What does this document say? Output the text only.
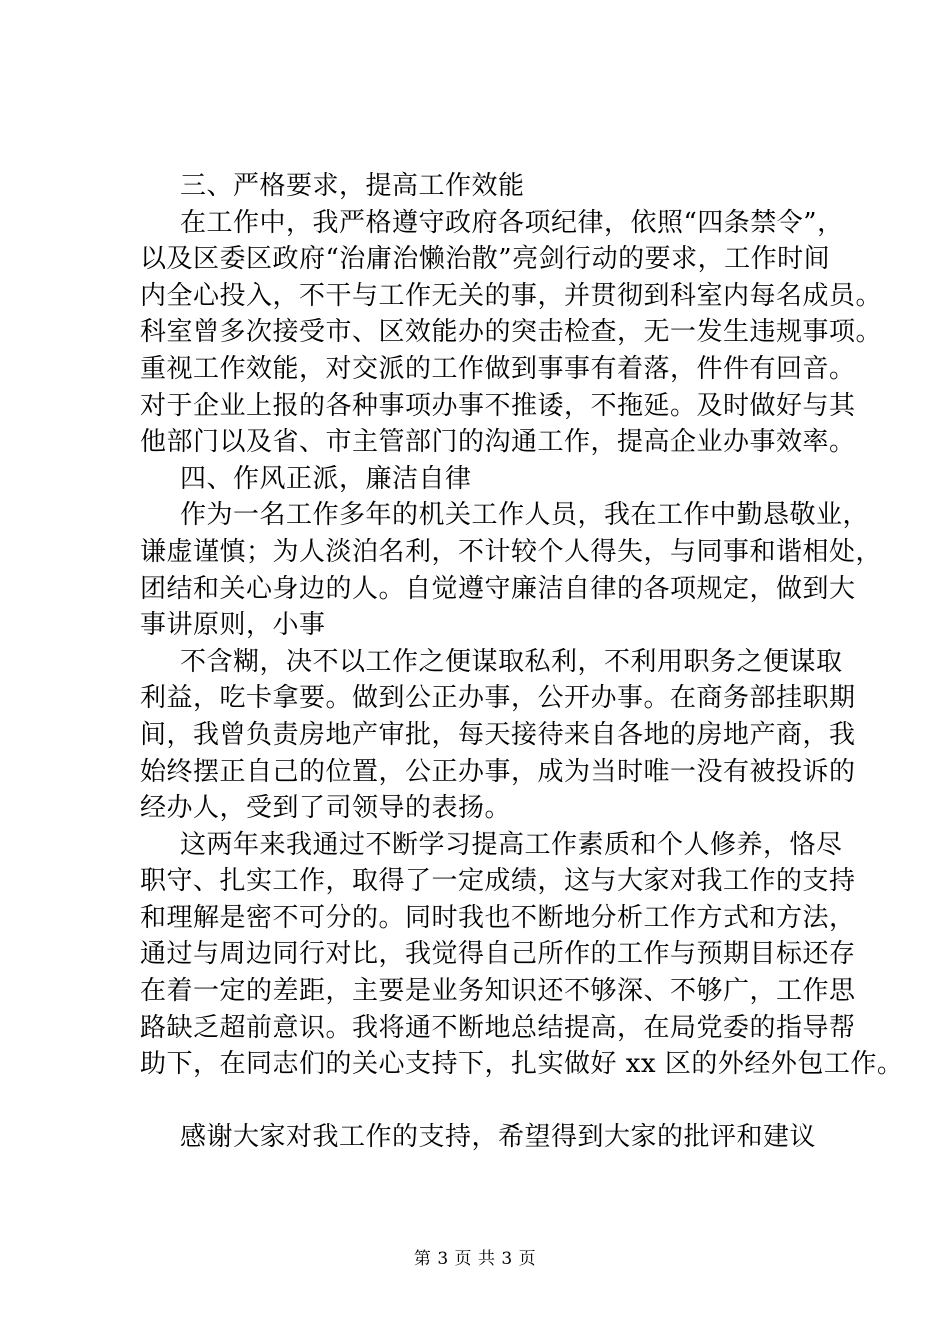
三、严格要求，提高工作效能
在工作中，我严格遵守政府各项纪律，依照“四条禁令”，
以及区委区政府“治庸治懒治散”亮剑行动的要求，工作时间
内全心投入，不干与工作无关的事，并贯彻到科室内每名成员。
科室曾多次接受市、区效能办的突击检查，无一发生违规事项。
重视工作效能，对交派的工作做到事事有着落，件件有回音。
对于企业上报的各种事项办事不推诿，不拖延。及时做好与其
他部门以及省、市主管部门的沟通工作，提高企业办事效率。
四、作风正派，廉洁自律
作为一名工作多年的机关工作人员，我在工作中勤恳敬业，
谦虚谨慎；为人淡泊名利，不计较个人得失，与同事和谐相处，
团结和关心身边的人。自觉遵守廉洁自律的各项规定，做到大
事讲原则，小事
不含糊，决不以工作之便谋取私利，不利用职务之便谋取
利益，吃卡拿要。做到公正办事，公开办事。在商务部挂职期
间，我曾负责房地产审批，每天接待来自各地的房地产商，我
始终摆正自己的位置，公正办事，成为当时唯一没有被投诉的
经办人，受到了司领导的表扬。
这两年来我通过不断学习提高工作素质和个人修养，恪尽
职守、扎实工作，取得了一定成绩，这与大家对我工作的支持
和理解是密不可分的。同时我也不断地分析工作方式和方法，
通过与周边同行对比，我觉得自己所作的工作与预期目标还存
在着一定的差距，主要是业务知识还不够深、不够广，工作思
路缺乏超前意识。我将通不断地总结提高，在局党委的指导帮
助下，在同志们的关心支持下，扎实做好 xx 区的外经外包工作。
感谢大家对我工作的支持，希望得到大家的批评和建议
第 3 页 共 3 页
